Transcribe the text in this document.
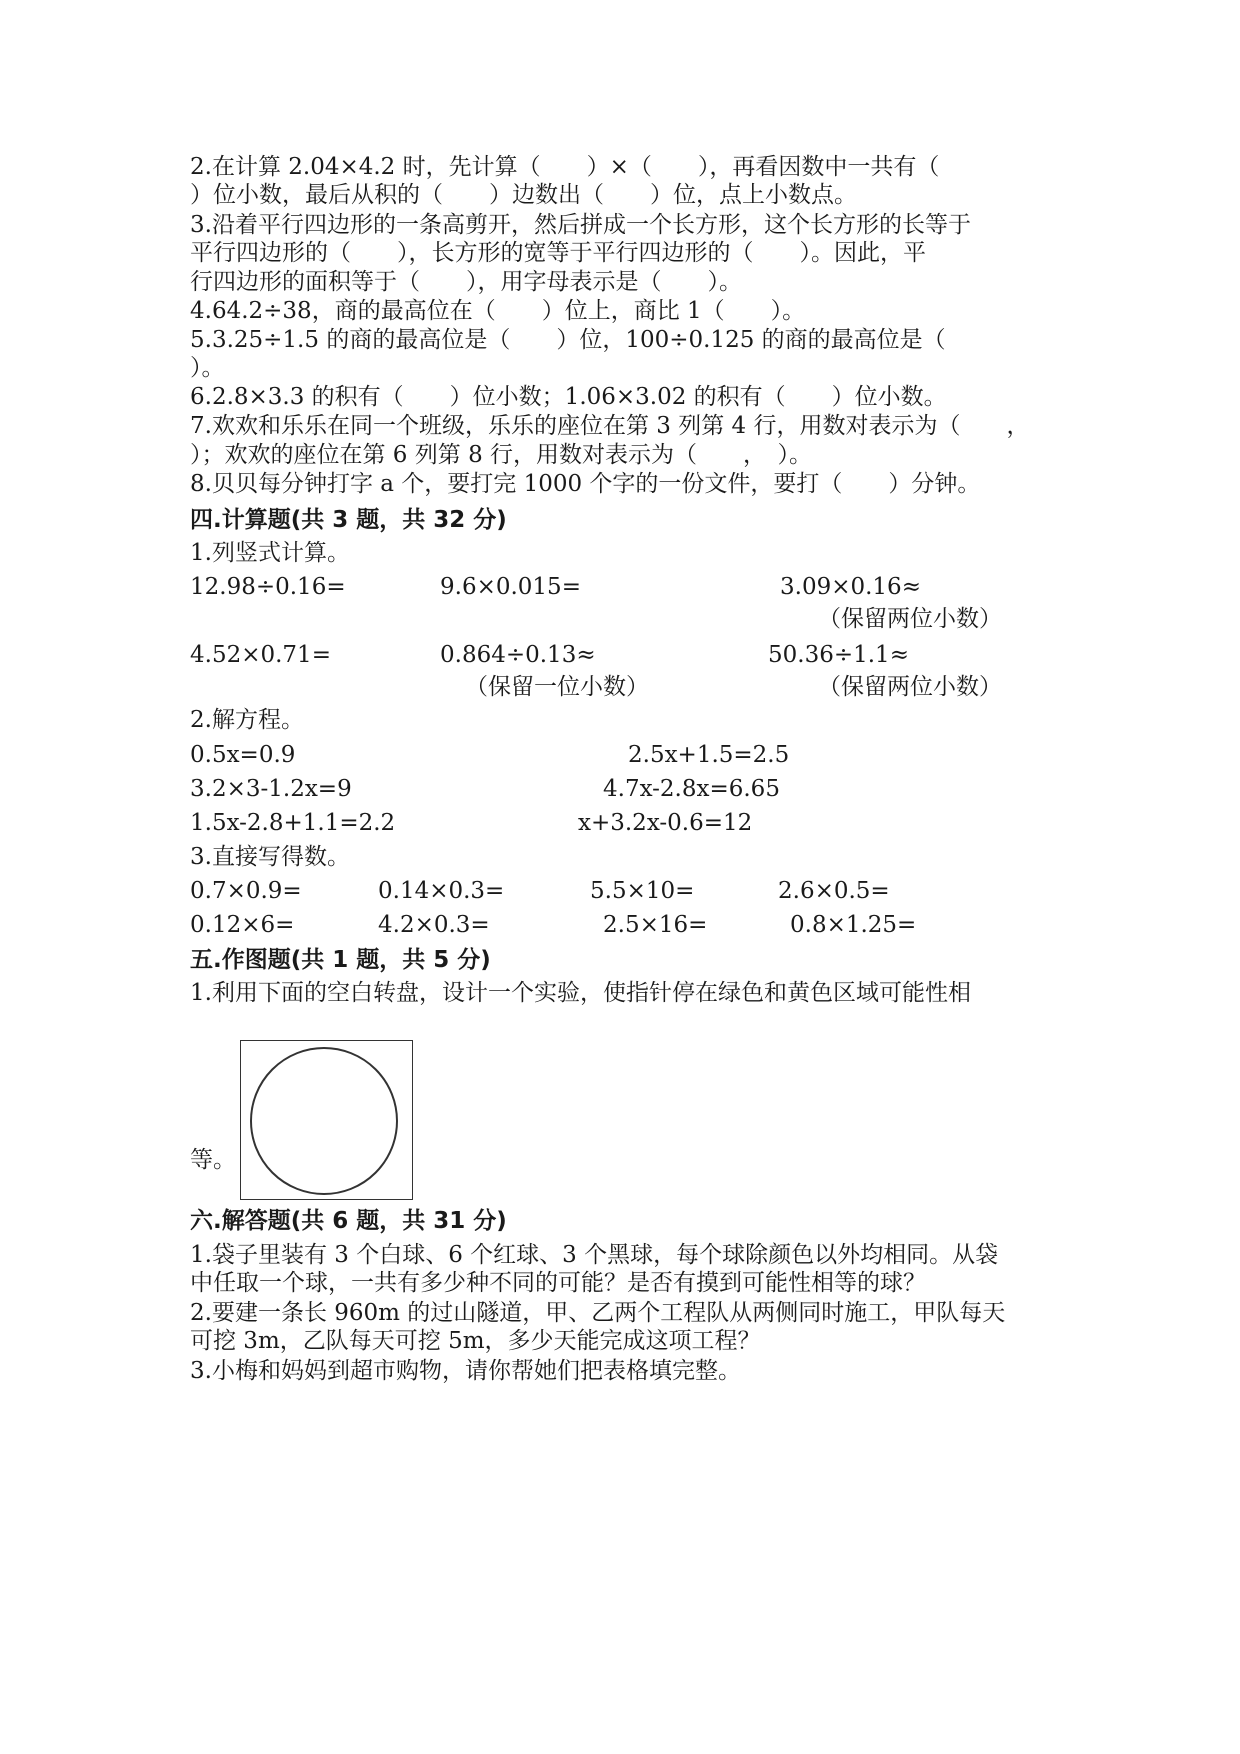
2.在计算 2.04×4.2 时，先计算（　　）×（　　），再看因数中一共有（
）位小数，最后从积的（　　）边数出（　　）位，点上小数点。
3.沿着平行四边形的一条高剪开，然后拼成一个长方形，这个长方形的长等于
平行四边形的（　　），长方形的宽等于平行四边形的（　　）。因此，平
行四边形的面积等于（　　），用字母表示是（　　）。
4.64.2÷38，商的最高位在（　　）位上，商比 1（　　）。
5.3.25÷1.5 的商的最高位是（　　）位，100÷0.125 的商的最高位是（
）。
6.2.8×3.3 的积有（　　）位小数；1.06×3.02 的积有（　　）位小数。
7.欢欢和乐乐在同一个班级，乐乐的座位在第 3 列第 4 行，用数对表示为（　　，
）；欢欢的座位在第 6 列第 8 行，用数对表示为（　　，　）。
8.贝贝每分钟打字 a 个，要打完 1000 个字的一份文件，要打（　　）分钟。
四.计算题(共 3 题，共 32 分)
1.列竖式计算。
12.98÷0.16=	9.6×0.015=	3.09×0.16≈
（保留两位小数）
4.52×0.71=	0.864÷0.13≈	50.36÷1.1≈
（保留一位小数）	（保留两位小数）
2.解方程。
0.5x=0.9	2.5x+1.5=2.5
3.2×3-1.2x=9	4.7x-2.8x=6.65
1.5x-2.8+1.1=2.2	x+3.2x-0.6=12
3.直接写得数。
0.7×0.9=	0.14×0.3=	5.5×10=	2.6×0.5=
0.12×6=	4.2×0.3=	2.5×16=	0.8×1.25=
五.作图题(共 1 题，共 5 分)
1.利用下面的空白转盘，设计一个实验，使指针停在绿色和黄色区域可能性相
等。
六.解答题(共 6 题，共 31 分)
1.袋子里装有 3 个白球、6 个红球、3 个黑球，每个球除颜色以外均相同。从袋
中任取一个球，一共有多少种不同的可能？是否有摸到可能性相等的球？
2.要建一条长 960m 的过山隧道，甲、乙两个工程队从两侧同时施工，甲队每天
可挖 3m，乙队每天可挖 5m，多少天能完成这项工程？
3.小梅和妈妈到超市购物，请你帮她们把表格填完整。
